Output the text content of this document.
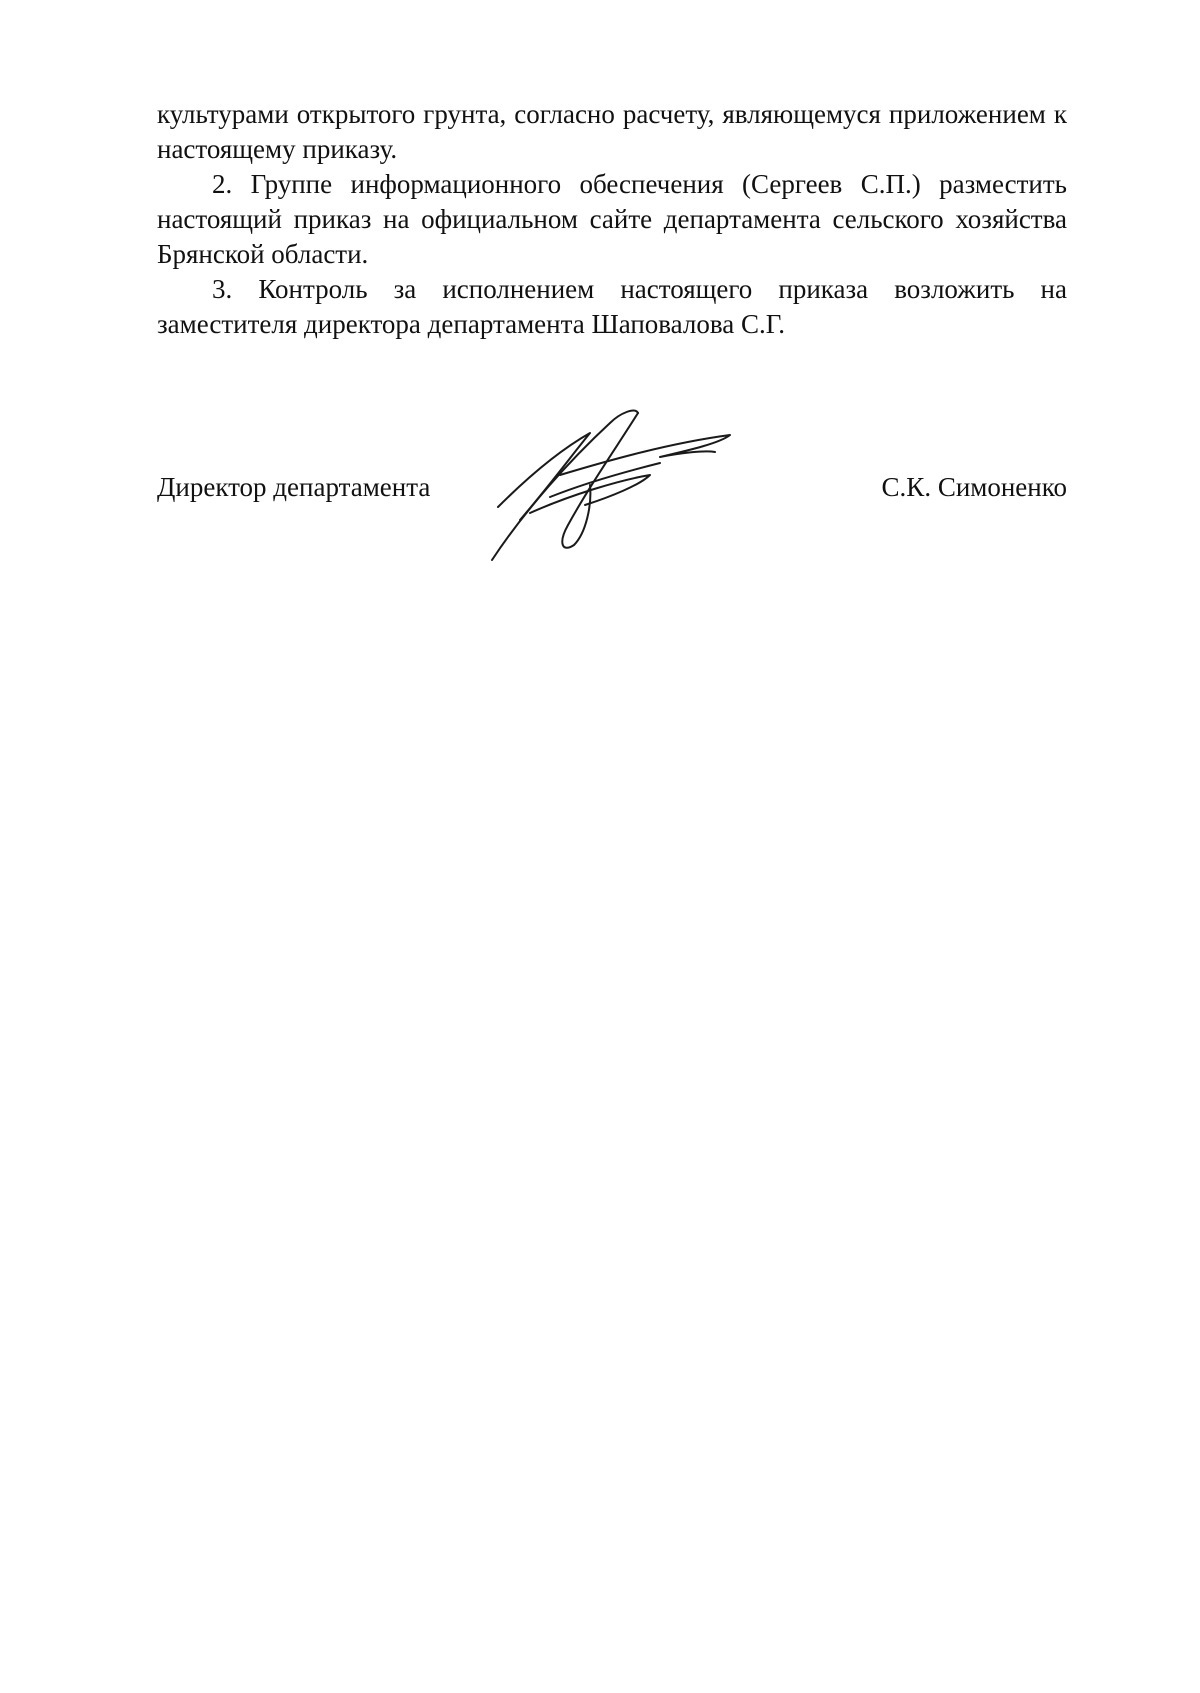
культурами открытого грунта, согласно расчету, являющемуся приложением к настоящему приказу.

2. Группе информационного обеспечения (Сергеев С.П.) разместить настоящий приказ на официальном сайте департамента сельского хозяйства Брянской области.

3. Контроль за исполнением настоящего приказа возложить на заместителя директора департамента Шаповалова С.Г.

Директор департамента	С.К. Симоненко
